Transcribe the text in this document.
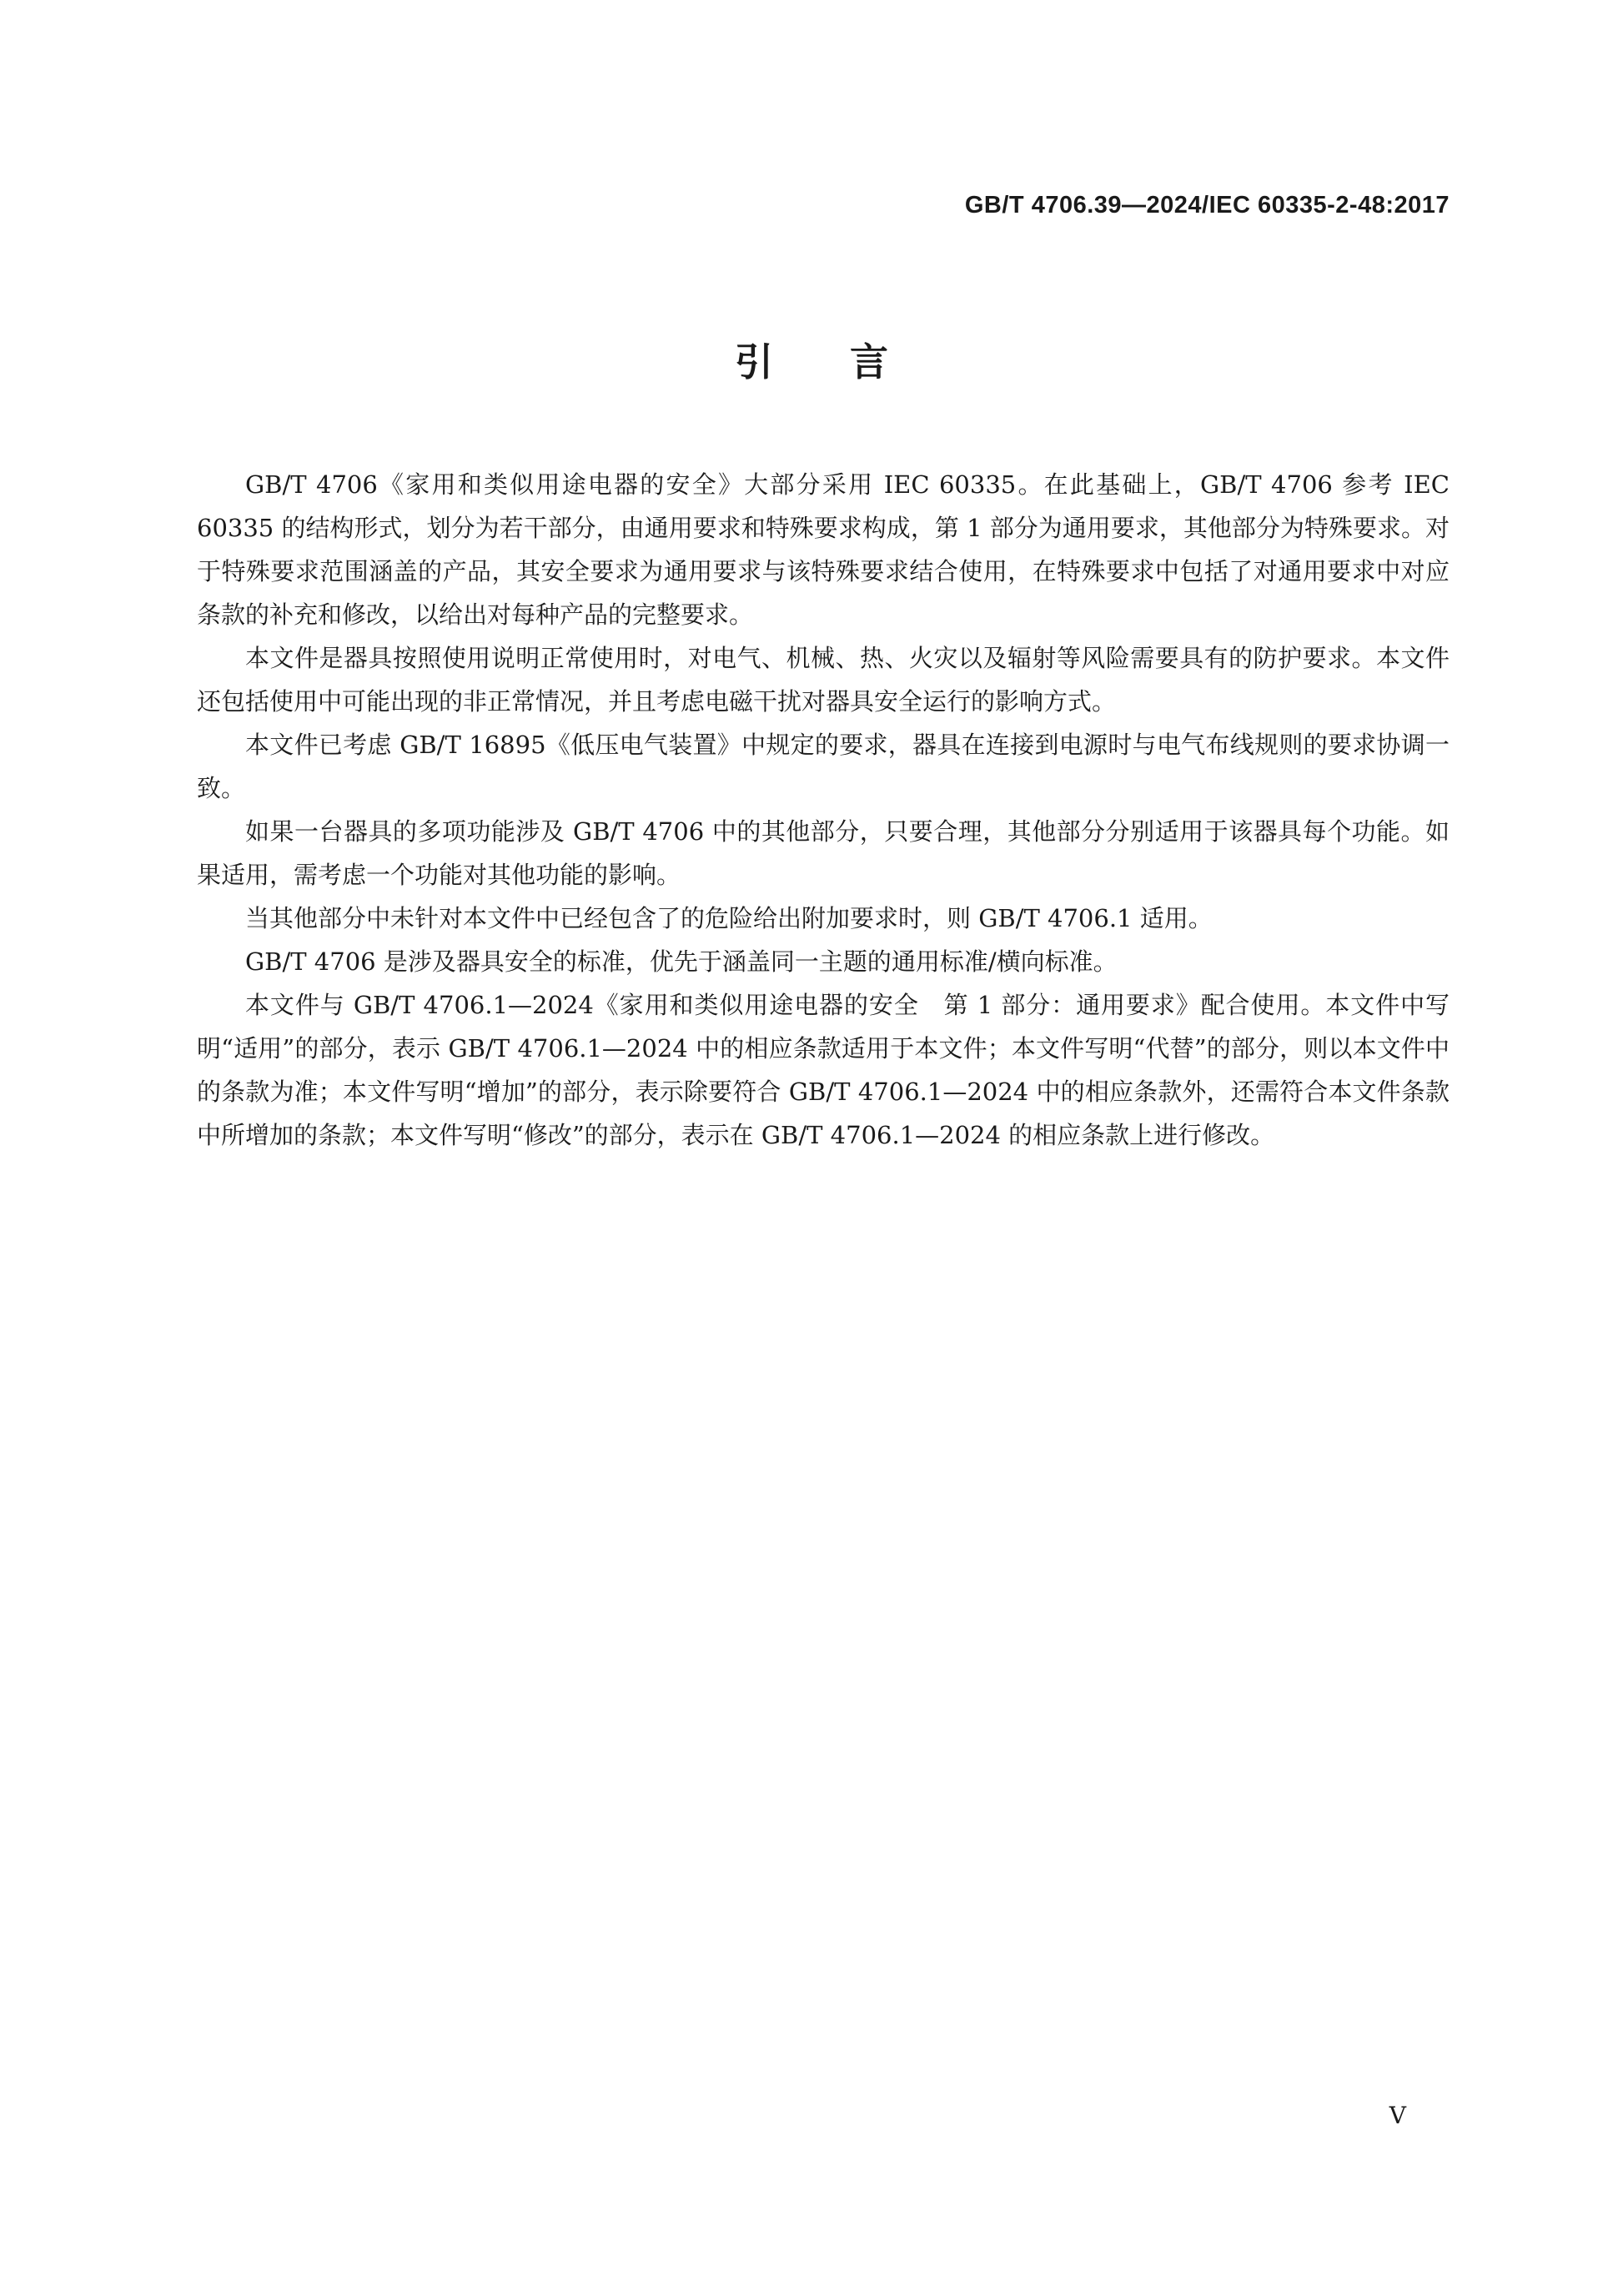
GB/T 4706.39—2024/IEC 60335-2-48:2017
引言

GB/T 4706《家用和类似用途电器的安全》大部分采用 IEC 60335。在此基础上，GB/T 4706 参考 IEC 60335 的结构形式，划分为若干部分，由通用要求和特殊要求构成，第 1 部分为通用要求，其他部分为特殊要求。对于特殊要求范围涵盖的产品，其安全要求为通用要求与该特殊要求结合使用，在特殊要求中包括了对通用要求中对应条款的补充和修改，以给出对每种产品的完整要求。

本文件是器具按照使用说明正常使用时，对电气、机械、热、火灾以及辐射等风险需要具有的防护要求。本文件还包括使用中可能出现的非正常情况，并且考虑电磁干扰对器具安全运行的影响方式。

本文件已考虑 GB/T 16895《低压电气装置》中规定的要求，器具在连接到电源时与电气布线规则的要求协调一致。

如果一台器具的多项功能涉及 GB/T 4706 中的其他部分，只要合理，其他部分分别适用于该器具每个功能。如果适用，需考虑一个功能对其他功能的影响。

当其他部分中未针对本文件中已经包含了的危险给出附加要求时，则 GB/T 4706.1 适用。

GB/T 4706 是涉及器具安全的标准，优先于涵盖同一主题的通用标准/横向标准。

本文件与 GB/T 4706.1—2024《家用和类似用途电器的安全　第 1 部分：通用要求》配合使用。本文件中写明“适用”的部分，表示 GB/T 4706.1—2024 中的相应条款适用于本文件；本文件写明“代替”的部分，则以本文件中的条款为准；本文件写明“增加”的部分，表示除要符合 GB/T 4706.1—2024 中的相应条款外，还需符合本文件条款中所增加的条款；本文件写明“修改”的部分，表示在 GB/T 4706.1—2024 的相应条款上进行修改。

V
